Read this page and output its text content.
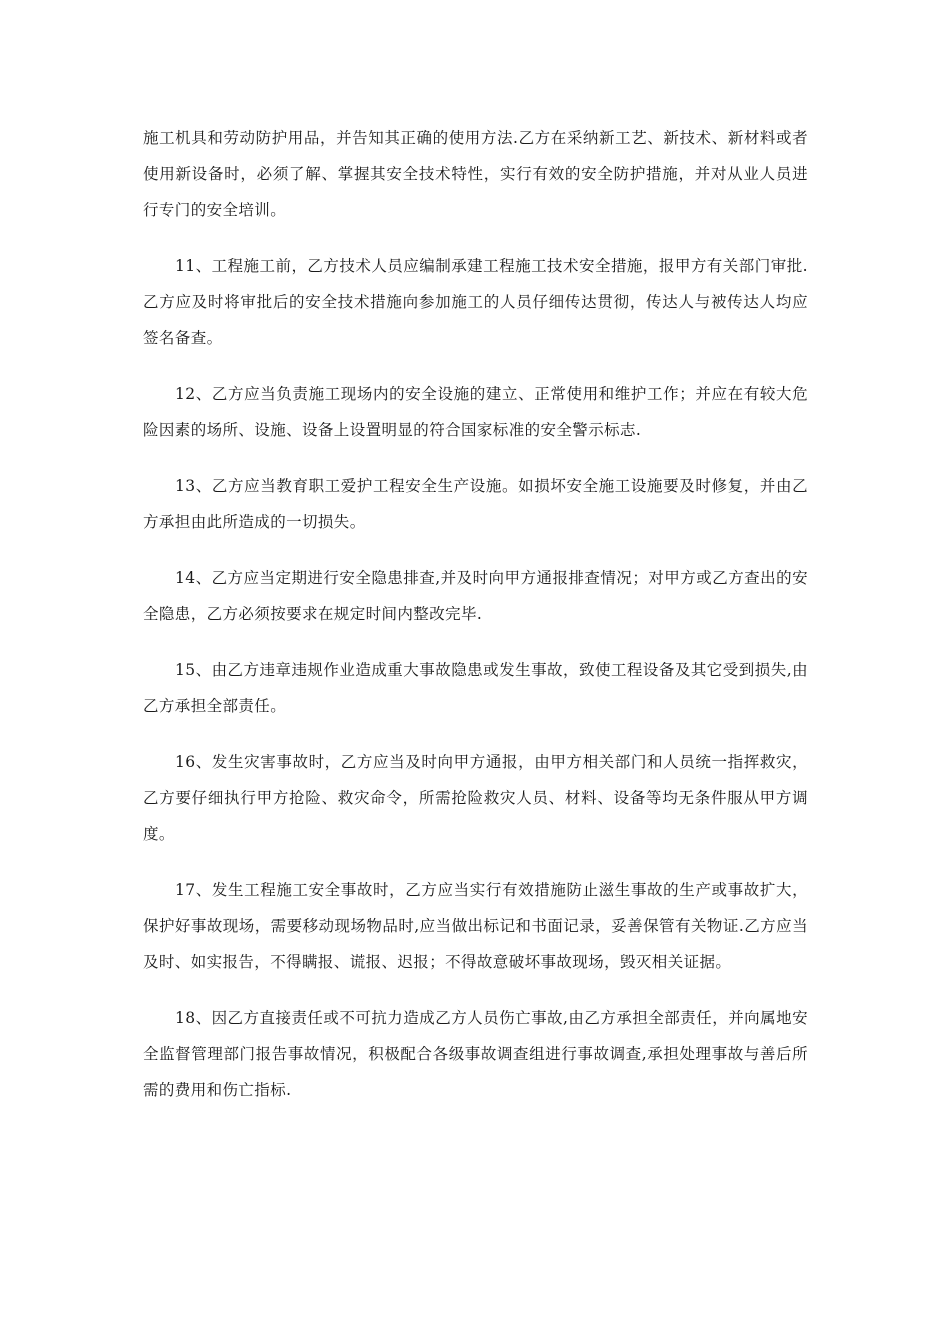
施工机具和劳动防护用品，并告知其正确的使用方法.乙方在采纳新工艺、新技术、新材料或者使用新设备时，必须了解、掌握其安全技术特性，实行有效的安全防护措施，并对从业人员进行专门的安全培训。

11、工程施工前，乙方技术人员应编制承建工程施工技术安全措施，报甲方有关部门审批.乙方应及时将审批后的安全技术措施向参加施工的人员仔细传达贯彻，传达人与被传达人均应签名备查。

12、乙方应当负责施工现场内的安全设施的建立、正常使用和维护工作；并应在有较大危险因素的场所、设施、设备上设置明显的符合国家标准的安全警示标志.

13、乙方应当教育职工爱护工程安全生产设施。如损坏安全施工设施要及时修复，并由乙方承担由此所造成的一切损失。

14、乙方应当定期进行安全隐患排查,并及时向甲方通报排查情况；对甲方或乙方查出的安全隐患，乙方必须按要求在规定时间内整改完毕.

15、由乙方违章违规作业造成重大事故隐患或发生事故，致使工程设备及其它受到损失,由乙方承担全部责任。

16、发生灾害事故时，乙方应当及时向甲方通报，由甲方相关部门和人员统一指挥救灾，乙方要仔细执行甲方抢险、救灾命令，所需抢险救灾人员、材料、设备等均无条件服从甲方调度。

17、发生工程施工安全事故时，乙方应当实行有效措施防止滋生事故的生产或事故扩大，保护好事故现场，需要移动现场物品时,应当做出标记和书面记录，妥善保管有关物证.乙方应当及时、如实报告，不得瞒报、谎报、迟报；不得故意破坏事故现场，毁灭相关证据。

18、因乙方直接责任或不可抗力造成乙方人员伤亡事故,由乙方承担全部责任，并向属地安全监督管理部门报告事故情况，积极配合各级事故调查组进行事故调查,承担处理事故与善后所需的费用和伤亡指标.
